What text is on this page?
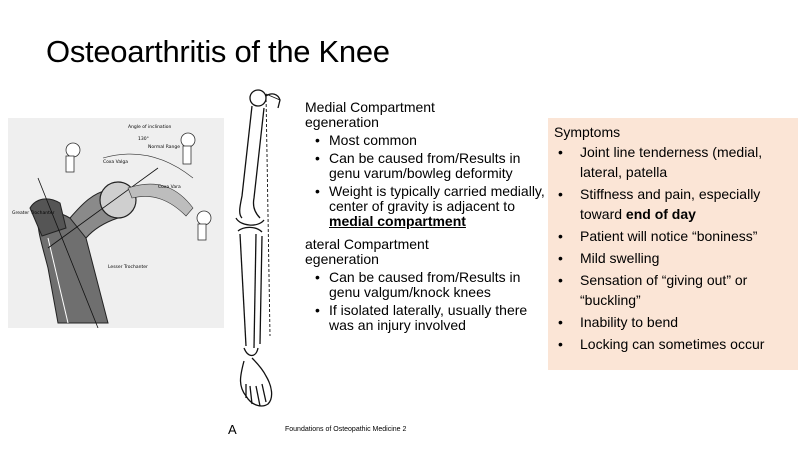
Osteoarthritis of the Knee
Angle of inclination
130°
Normal Range
Coxa Valga
Coxa Vara
Greater Trochanter
Lesser Trochanter
A	Foundations of Osteopathic Medicine 2
Medial Compartment
egeneration
• Most common
• Can be caused from/Results in genu varum/bowleg deformity
• Weight is typically carried medially, center of gravity is adjacent to medial compartment
ateral Compartment
egeneration
• Can be caused from/Results in genu valgum/knock knees
• If isolated laterally, usually there was an injury involved
Symptoms
• Joint line tenderness (medial, lateral, patella
• Stiffness and pain, especially toward end of day
• Patient will notice “boniness”
• Mild swelling
• Sensation of “giving out” or “buckling”
• Inability to bend
• Locking can sometimes occur
